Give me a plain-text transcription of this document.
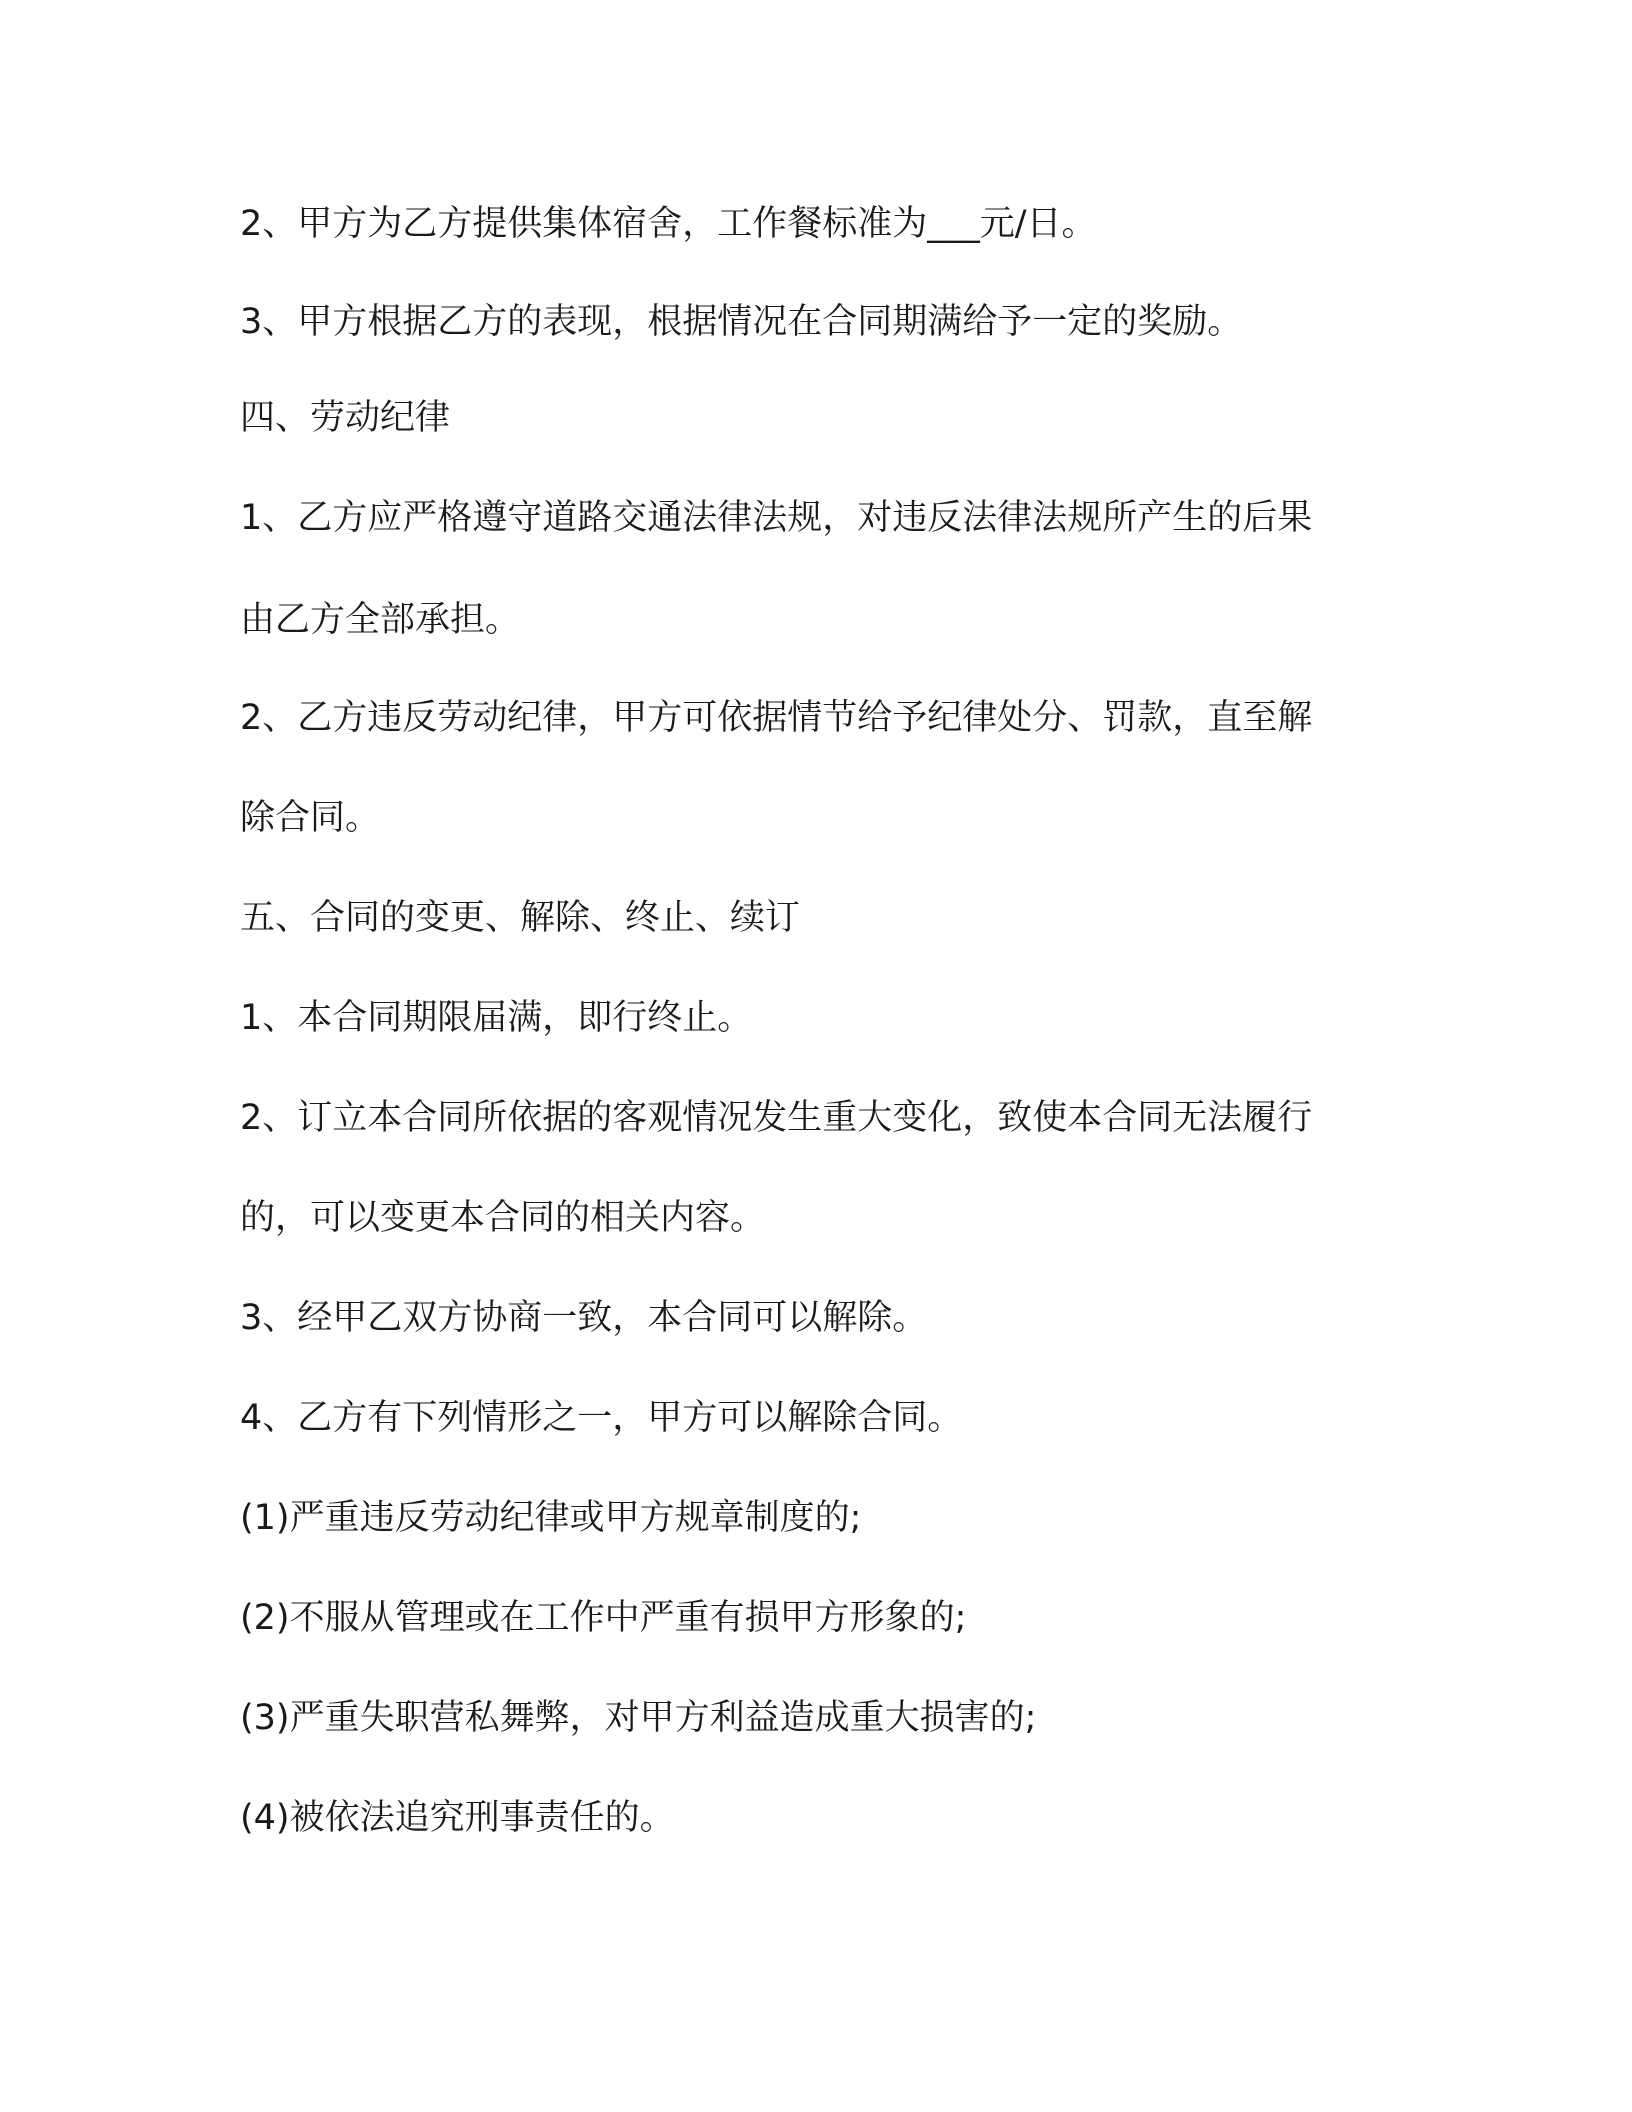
2、甲方为乙方提供集体宿舍，工作餐标准为___元/日。
3、甲方根据乙方的表现，根据情况在合同期满给予一定的奖励。
四、劳动纪律
1、乙方应严格遵守道路交通法律法规，对违反法律法规所产生的后果
由乙方全部承担。
2、乙方违反劳动纪律，甲方可依据情节给予纪律处分、罚款，直至解
除合同。
五、合同的变更、解除、终止、续订
1、本合同期限届满，即行终止。
2、订立本合同所依据的客观情况发生重大变化，致使本合同无法履行
的，可以变更本合同的相关内容。
3、经甲乙双方协商一致，本合同可以解除。
4、乙方有下列情形之一，甲方可以解除合同。
(1)严重违反劳动纪律或甲方规章制度的;
(2)不服从管理或在工作中严重有损甲方形象的;
(3)严重失职营私舞弊，对甲方利益造成重大损害的;
(4)被依法追究刑事责任的。
